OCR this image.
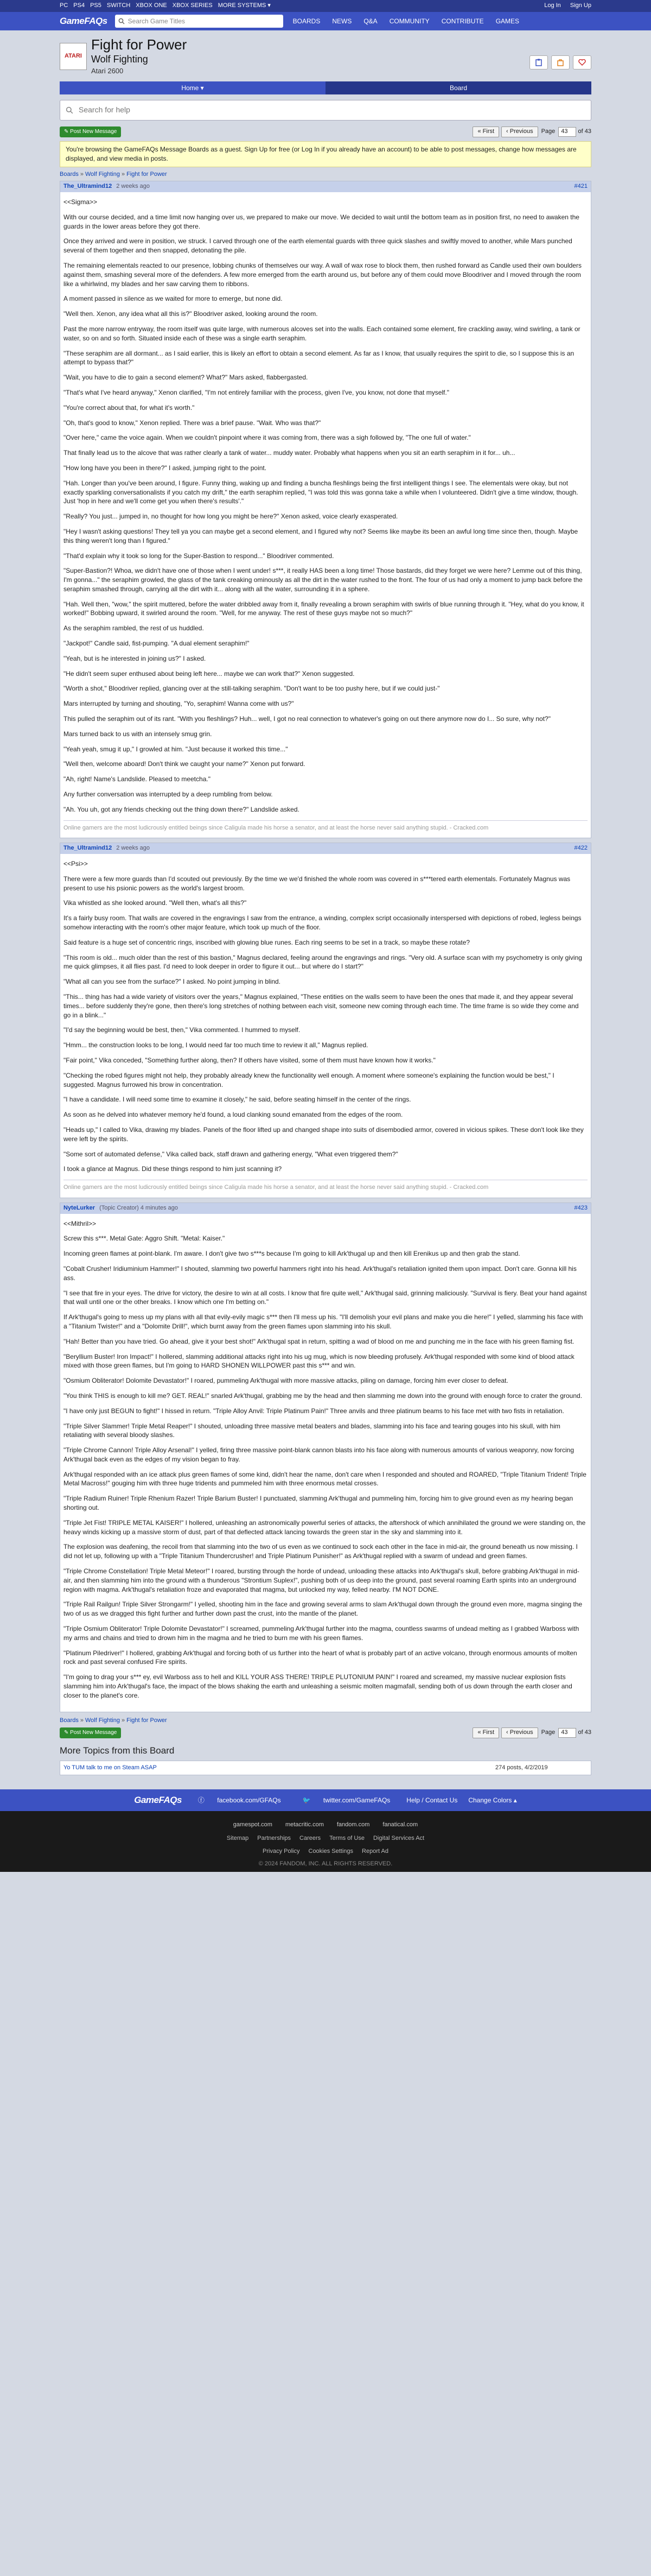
PC PS4 PS5 SWITCH XBOX ONE XBOX SERIES MORE SYSTEMS ▾	Log In Sign Up
GameFAQs	Search Game Titles	BOARDS NEWS Q&A COMMUNITY CONTRIBUTE GAMES
ATARI
Fight for Power
Wolf Fighting
Atari 2600
Home ▾	Board
Search for help
✎ Post New Message	« First	‹ Previous	Page	43	of 43
You're browsing the GameFAQs Message Boards as a guest. Sign Up for free (or Log In if you already have an account) to be able to post messages, change how messages are displayed, and view media in posts.
Boards » Wolf Fighting » Fight for Power
The_Ultramind12 2 weeks ago	#421

<<Sigma>>

With our course decided, and a time limit now hanging over us, we prepared to make our move. We decided to wait until the bottom team as in position first, no need to awaken the guards in the lower areas before they got there.

Once they arrived and were in position, we struck. I carved through one of the earth elemental guards with three quick slashes and swiftly moved to another, while Mars punched several of them together and then snapped, detonating the pile.

The remaining elementals reacted to our presence, lobbing chunks of themselves our way. A wall of wax rose to block them, then rushed forward as Candle used their own boulders against them, smashing several more of the defenders. A few more emerged from the earth around us, but before any of them could move Bloodriver and I moved through the room like a whirlwind, my blades and her saw carving them to ribbons.

A moment passed in silence as we waited for more to emerge, but none did.

"Well then. Xenon, any idea what all this is?" Bloodriver asked, looking around the room.

Past the more narrow entryway, the room itself was quite large, with numerous alcoves set into the walls. Each contained some element, fire crackling away, wind swirling, a tank or water, so on and so forth. Situated inside each of these was a single earth seraphim.

"These seraphim are all dormant... as I said earlier, this is likely an effort to obtain a second element. As far as I know, that usually requires the spirit to die, so I suppose this is an attempt to bypass that?"

"Wait, you have to die to gain a second element? What?" Mars asked, flabbergasted.

"That's what I've heard anyway," Xenon clarified, "I'm not entirely familiar with the process, given I've, you know, not done that myself."

"You're correct about that, for what it's worth."

"Oh, that's good to know," Xenon replied. There was a brief pause. "Wait. Who was that?"

"Over here," came the voice again. When we couldn't pinpoint where it was coming from, there was a sigh followed by, "The one full of water."

That finally lead us to the alcove that was rather clearly a tank of water... muddy water. Probably what happens when you sit an earth seraphim in it for... uh...

"How long have you been in there?" I asked, jumping right to the point.

"Hah. Longer than you've been around, I figure. Funny thing, waking up and finding a buncha fleshlings being the first intelligent things I see. The elementals were okay, but not exactly sparkling conversationalists if you catch my drift," the earth seraphim replied, "I was told this was gonna take a while when I volunteered. Didn't give a time window, though. Just 'hop in here and we'll come get you when there's results'."

"Really? You just... jumped in, no thought for how long you might be here?" Xenon asked, voice clearly exasperated.

"Hey I wasn't asking questions! They tell ya you can maybe get a second element, and I figured why not? Seems like maybe its been an awful long time since then, though. Maybe this thing weren't long than I figured."

"That'd explain why it took so long for the Super-Bastion to respond..." Bloodriver commented.

"Super-Bastion?! Whoa, we didn't have one of those when I went under! s***, it really HAS been a long time! Those bastards, did they forget we were here? Lemme out of this thing, I'm gonna..." the seraphim growled, the glass of the tank creaking ominously as all the dirt in the water rushed to the front. The four of us had only a moment to jump back before the seraphim smashed through, carrying all the dirt with it... along with all the water, surrounding it in a sphere.

"Hah. Well then, "wow," the spirit muttered, before the water dribbled away from it, finally revealing a brown seraphim with swirls of blue running through it. "Hey, what do you know, it worked!" Bobbing upward, it swirled around the room. "Well, for me anyway. The rest of these guys maybe not so much?"

As the seraphim rambled, the rest of us huddled.

"Jackpot!" Candle said, fist-pumping. "A dual element seraphim!"

"Yeah, but is he interested in joining us?" I asked.

"He didn't seem super enthused about being left here... maybe we can work that?" Xenon suggested.

"Worth a shot," Bloodriver replied, glancing over at the still-talking seraphim. "Don't want to be too pushy here, but if we could just-"

Mars interrupted by turning and shouting, "Yo, seraphim! Wanna come with us?"

This pulled the seraphim out of its rant. "With you fleshlings? Huh... well, I got no real connection to whatever's going on out there anymore now do I... So sure, why not?"

Mars turned back to us with an intensely smug grin.

"Yeah yeah, smug it up," I growled at him. "Just because it worked this time..."

"Well then, welcome aboard! Don't think we caught your name?" Xenon put forward.

"Ah, right! Name's Landslide. Pleased to meetcha."

Any further conversation was interrupted by a deep rumbling from below.

"Ah. You uh, got any friends checking out the thing down there?" Landslide asked.

Online gamers are the most ludicrously entitled beings since Caligula made his horse a senator, and at least the horse never said anything stupid. - Cracked.com
The_Ultramind12 2 weeks ago	#422

<<Psi>>

There were a few more guards than I'd scouted out previously. By the time we we'd finished the whole room was covered in s***tered earth elementals. Fortunately Magnus was present to use his psionic powers as the world's largest broom.

Vika whistled as she looked around. "Well then, what's all this?"

It's a fairly busy room. That walls are covered in the engravings I saw from the entrance, a winding, complex script occasionally interspersed with depictions of robed, legless beings somehow interacting with the room's other major feature, which took up much of the floor.

Said feature is a huge set of concentric rings, inscribed with glowing blue runes. Each ring seems to be set in a track, so maybe these rotate?

"This room is old... much older than the rest of this bastion," Magnus declared, feeling around the engravings and rings. "Very old. A surface scan with my psychometry is only giving me quick glimpses, it all flies past. I'd need to look deeper in order to figure it out... but where do I start?"

"What all can you see from the surface?" I asked. No point jumping in blind.

"This... thing has had a wide variety of visitors over the years," Magnus explained, "These entities on the walls seem to have been the ones that made it, and they appear several times... before suddenly they're gone, then there's long stretches of nothing between each visit, someone new coming through each time. The time frame is so wide they come and go in a blink..."

"I'd say the beginning would be best, then," Vika commented. I hummed to myself.

"Hmm... the construction looks to be long, I would need far too much time to review it all," Magnus replied.

"Fair point," Vika conceded, "Something further along, then? If others have visited, some of them must have known how it works."

"Checking the robed figures might not help, they probably already knew the functionality well enough. A moment where someone's explaining the function would be best," I suggested. Magnus furrowed his brow in concentration.

"I have a candidate. I will need some time to examine it closely," he said, before seating himself in the center of the rings.

As soon as he delved into whatever memory he'd found, a loud clanking sound emanated from the edges of the room.

"Heads up," I called to Vika, drawing my blades. Panels of the floor lifted up and changed shape into suits of disembodied armor, covered in vicious spikes. These don't look like they were left by the spirits.

"Some sort of automated defense," Vika called back, staff drawn and gathering energy, "What even triggered them?"

I took a glance at Magnus. Did these things respond to him just scanning it?

Online gamers are the most ludicrously entitled beings since Caligula made his horse a senator, and at least the horse never said anything stupid. - Cracked.com
NyteLurker (Topic Creator) 4 minutes ago	#423

<<Mithril>>

Screw this s***. Metal Gate: Aggro Shift. "Metal: Kaiser."

Incoming green flames at point-blank. I'm aware. I don't give two s***s because I'm going to kill Ark'thugal up and then kill Erenikus up and then grab the stand.

"Cobalt Crusher! Iridiuminium Hammer!" I shouted, slamming two powerful hammers right into his head. Ark'thugal's retaliation ignited them upon impact. Don't care. Gonna kill his ass.

"I see that fire in your eyes. The drive for victory, the desire to win at all costs. I know that fire quite well," Ark'thugal said, grinning maliciously. "Survival is fiery. Beat your hand against that wall until one or the other breaks. I know which one I'm betting on."

If Ark'thugal's going to mess up my plans with all that evily-evily magic s*** then I'll mess up his. "I'll demolish your evil plans and make you die here!" I yelled, slamming his face with a "Titanium Twister!" and a "Dolomite Drill!", which burnt away from the green flames upon slamming into his skull.

"Hah! Better than you have tried. Go ahead, give it your best shot!" Ark'thugal spat in return, spitting a wad of blood on me and punching me in the face with his green flaming fist.

"Beryllium Buster! Iron Impact!" I hollered, slamming additional attacks right into his ug mug, which is now bleeding profusely. Ark'thugal responded with some kind of blood attack mixed with those green flames, but I'm going to HARD SHONEN WILLPOWER past this s*** and win.

"Osmium Obliterator! Dolomite Devastator!" I roared, pummeling Ark'thugal with more massive attacks, piling on damage, forcing him ever closer to defeat.

"You think THIS is enough to kill me? GET. REAL!" snarled Ark'thugal, grabbing me by the head and then slamming me down into the ground with enough force to crater the ground.

"I have only just BEGUN to fight!" I hissed in return. "Triple Alloy Anvil: Triple Platinum Pain!" Three anvils and three platinum beams to his face met with two fists in retaliation.

"Triple Silver Slammer! Triple Metal Reaper!" I shouted, unloading three massive metal beaters and blades, slamming into his face and tearing gouges into his skull, with him retaliating with several bloody slashes.

"Triple Chrome Cannon! Triple Alloy Arsenal!" I yelled, firing three massive point-blank cannon blasts into his face along with numerous amounts of various weaponry, now forcing Ark'thugal back even as the edges of my vision began to fray.

Ark'thugal responded with an ice attack plus green flames of some kind, didn't hear the name, don't care when I responded and shouted and ROARED, "Triple Titanium Trident! Triple Metal Macross!" gouging him with three huge tridents and pummeled him with three enormous metal crosses.

"Triple Radium Ruiner! Triple Rhenium Razer! Triple Barium Buster! I punctuated, slamming Ark'thugal and pummeling him, forcing him to give ground even as my hearing began shorting out.

"Triple Jet Fist! TRIPLE METAL KAISER!" I hollered, unleashing an astronomically powerful series of attacks, the aftershock of which annihilated the ground we were standing on, the heavy winds kicking up a massive storm of dust, part of that deflected attack lancing towards the green star in the sky and slamming into it.

The explosion was deafening, the recoil from that slamming into the two of us even as we continued to sock each other in the face in mid-air, the ground beneath us now missing. I did not let up, following up with a "Triple Titanium Thundercrusher! and Triple Platinum Punisher!" as Ark'thugal replied with a swarm of undead and green flames.

"Triple Chrome Constellation! Triple Metal Meteor!" I roared, bursting through the horde of undead, unloading these attacks into Ark'thugal's skull, before grabbing Ark'thugal in mid-air, and then slamming him into the ground with a thunderous "Strontium Suplex!", pushing both of us deep into the ground, past several roaming Earth spirits into an underground region with magma. Ark'thugal's retaliation froze and evaporated that magma, but unlocked my way, felled nearby. I'M NOT DONE.

"Triple Rail Railgun! Triple Silver Strongarm!" I yelled, shooting him in the face and growing several arms to slam Ark'thugal down through the ground even more, magma singing the two of us as we dragged this fight further and further down past the crust, into the mantle of the planet.

"Triple Osmium Obliterator! Triple Dolomite Devastator!" I screamed, pummeling Ark'thugal further into the magma, countless swarms of undead melting as I grabbed Warboss with my arms and chains and tried to drown him in the magma and he tried to burn me with his green flames.

"Platinum Piledriver!" I hollered, grabbing Ark'thugal and forcing both of us further into the heart of what is probably part of an active volcano, through enormous amounts of molten rock and past several confused Fire spirits.

"I'm going to drag your s*** ey, evil Warboss ass to hell and KILL YOUR ASS THERE! TRIPLE PLUTONIUM PAIN!" I roared and screamed, my massive nuclear explosion fists slamming him into Ark'thugal's face, the impact of the blows shaking the earth and unleashing a seismic molten magmafall, sending both of us down through the earth closer and closer to the planet's core.

Boards » Wolf Fighting » Fight for Power
✎ Post New Message	« First	‹ Previous	Page	43	of 43
More Topics from this Board
Yo TUM talk to me on Steam ASAP	274 posts, 4/2/2019
GameFAQs	ⓕ facebook.com/GFAQs	🐦 twitter.com/GameFAQs	Help / Contact Us Change Colors ▴
gamespot.com metacritic.com fandom.com fanatical.com
Sitemap Partnerships Careers Terms of Use Digital Services Act
Privacy Policy Cookies Settings Report Ad
© 2024 FANDOM, INC. ALL RIGHTS RESERVED.
